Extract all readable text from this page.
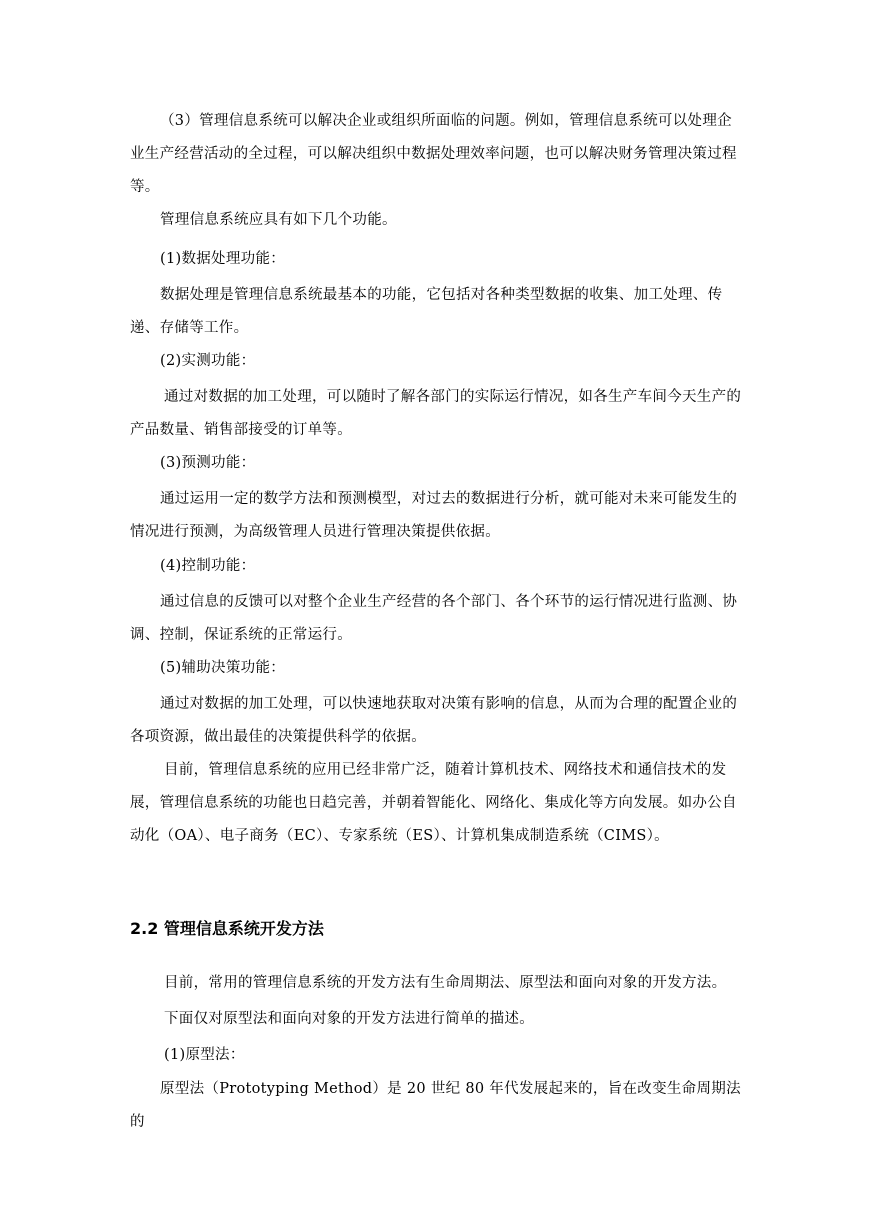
（3）管理信息系统可以解决企业或组织所面临的问题。例如，管理信息系统可以处理企业生产经营活动的全过程，可以解决组织中数据处理效率问题，也可以解决财务管理决策过程等。

管理信息系统应具有如下几个功能。

(1)数据处理功能：

数据处理是管理信息系统最基本的功能，它包括对各种类型数据的收集、加工处理、传递、存储等工作。

(2)实测功能：

通过对数据的加工处理，可以随时了解各部门的实际运行情况，如各生产车间今天生产的产品数量、销售部接受的订单等。

(3)预测功能：

通过运用一定的数学方法和预测模型，对过去的数据进行分析，就可能对未来可能发生的情况进行预测，为高级管理人员进行管理决策提供依据。

(4)控制功能：

通过信息的反馈可以对整个企业生产经营的各个部门、各个环节的运行情况进行监测、协调、控制，保证系统的正常运行。

(5)辅助决策功能：

通过对数据的加工处理，可以快速地获取对决策有影响的信息，从而为合理的配置企业的各项资源，做出最佳的决策提供科学的依据。

目前，管理信息系统的应用已经非常广泛，随着计算机技术、网络技术和通信技术的发展，管理信息系统的功能也日趋完善，并朝着智能化、网络化、集成化等方向发展。如办公自动化（OA）、电子商务（EC）、专家系统（ES）、计算机集成制造系统（CIMS）。

2.2 管理信息系统开发方法

目前，常用的管理信息系统的开发方法有生命周期法、原型法和面向对象的开发方法。

下面仅对原型法和面向对象的开发方法进行简单的描述。

(1)原型法：

原型法（Prototyping Method）是 20 世纪 80 年代发展起来的，旨在改变生命周期法的
